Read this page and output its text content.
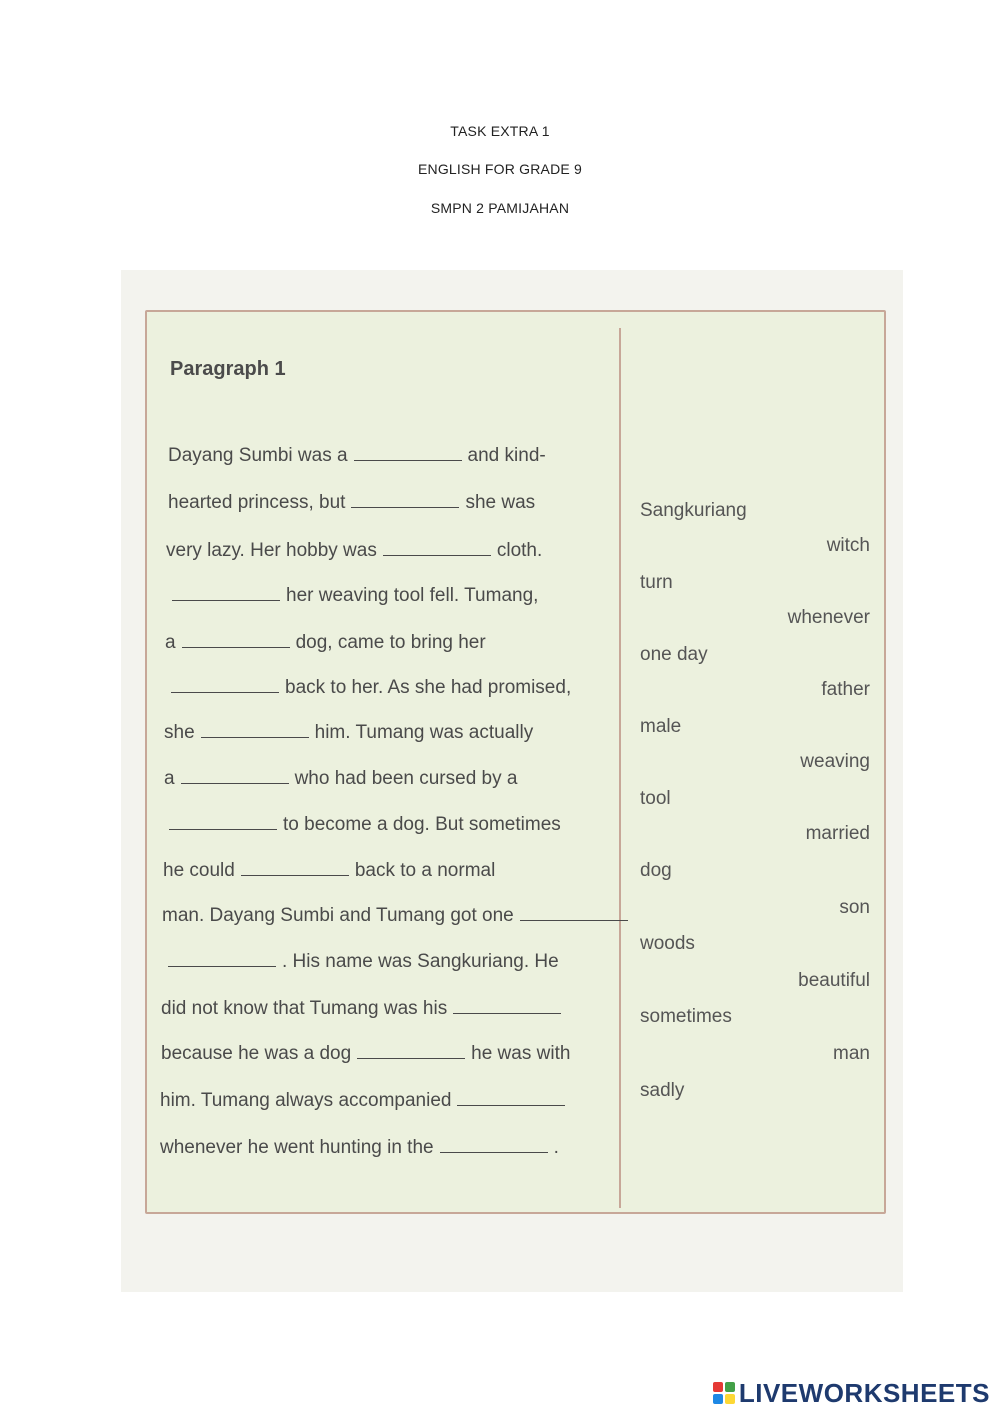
TASK EXTRA 1
ENGLISH FOR GRADE 9
SMPN 2 PAMIJAHAN
Paragraph 1
Dayang Sumbi was a	and kind-
hearted princess, but	she was
very lazy. Her hobby was	cloth.
her weaving tool fell. Tumang,
a	dog, came to bring her
back to her. As she had promised,
she	him. Tumang was actually
a	who had been cursed by a
to become a dog. But sometimes
he could	back to a normal
man. Dayang Sumbi and Tumang got one
. His name was Sangkuriang. He
did not know that Tumang was his
because he was a dog	he was with
him. Tumang always accompanied
whenever he went hunting in the	.
Sangkuriang
witch
turn
whenever
one day
father
male
weaving
tool
married
dog
son
woods
beautiful
sometimes
man
sadly
LIVEWORKSHEETS
